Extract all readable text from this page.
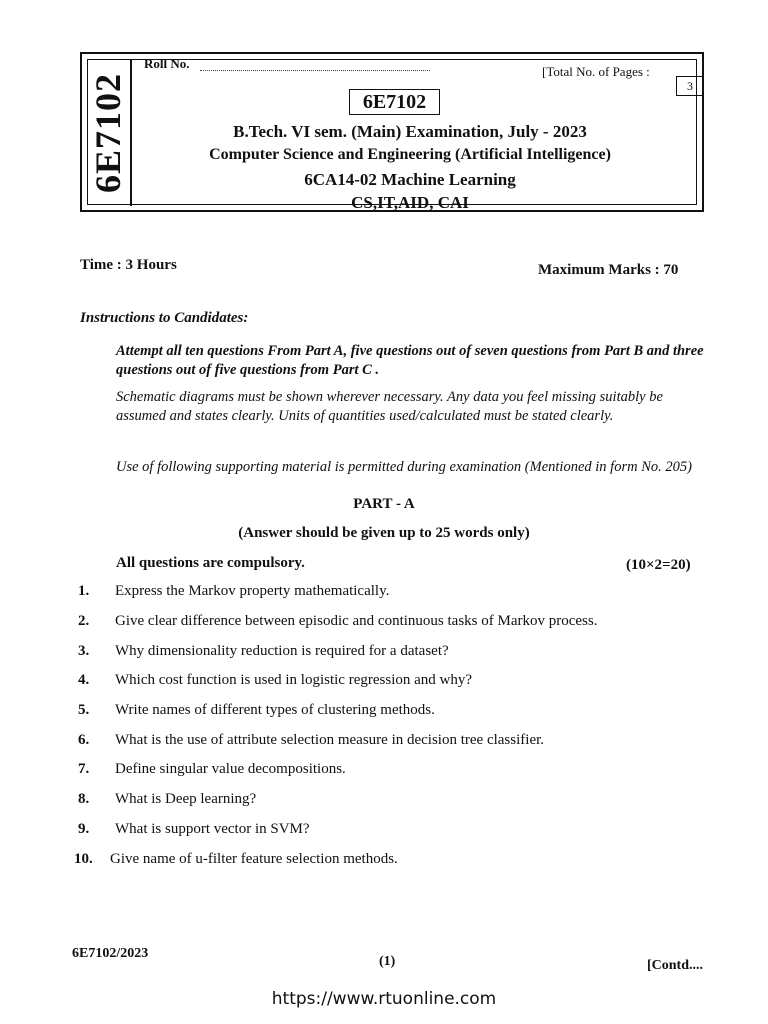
6E7102
Roll No.
[Total No. of Pages :
3
6E7102
B.Tech. VI sem. (Main) Examination, July - 2023
Computer Science and Engineering (Artificial Intelligence)
6CA14-02 Machine Learning
CS,IT,AID, CAI
Time : 3 Hours	Maximum Marks : 70
Instructions to Candidates:
Attempt all ten questions From Part A, five questions out of seven questions from Part B and three questions out of five questions from Part C .
Schematic diagrams must be shown wherever necessary. Any data you feel missing suitably be assumed and states clearly. Units of quantities used/calculated must be stated clearly.
Use of following supporting material is permitted during examination (Mentioned in form No. 205)
PART - A
(Answer should be given up to 25 words only)
All questions are compulsory.	(10×2=20)
1. Express the Markov property mathematically.
2. Give clear difference between episodic and continuous tasks of Markov process.
3. Why dimensionality reduction is required for a dataset?
4. Which cost function is used in logistic regression and why?
5. Write names of different types of clustering methods.
6. What is the use of attribute selection measure in decision tree classifier.
7. Define singular value decompositions.
8. What is Deep learning?
9. What is support vector in SVM?
10. Give name of u-filter feature selection methods.
6E7102/2023
(1)	[Contd....
https://www.rtuonline.com
